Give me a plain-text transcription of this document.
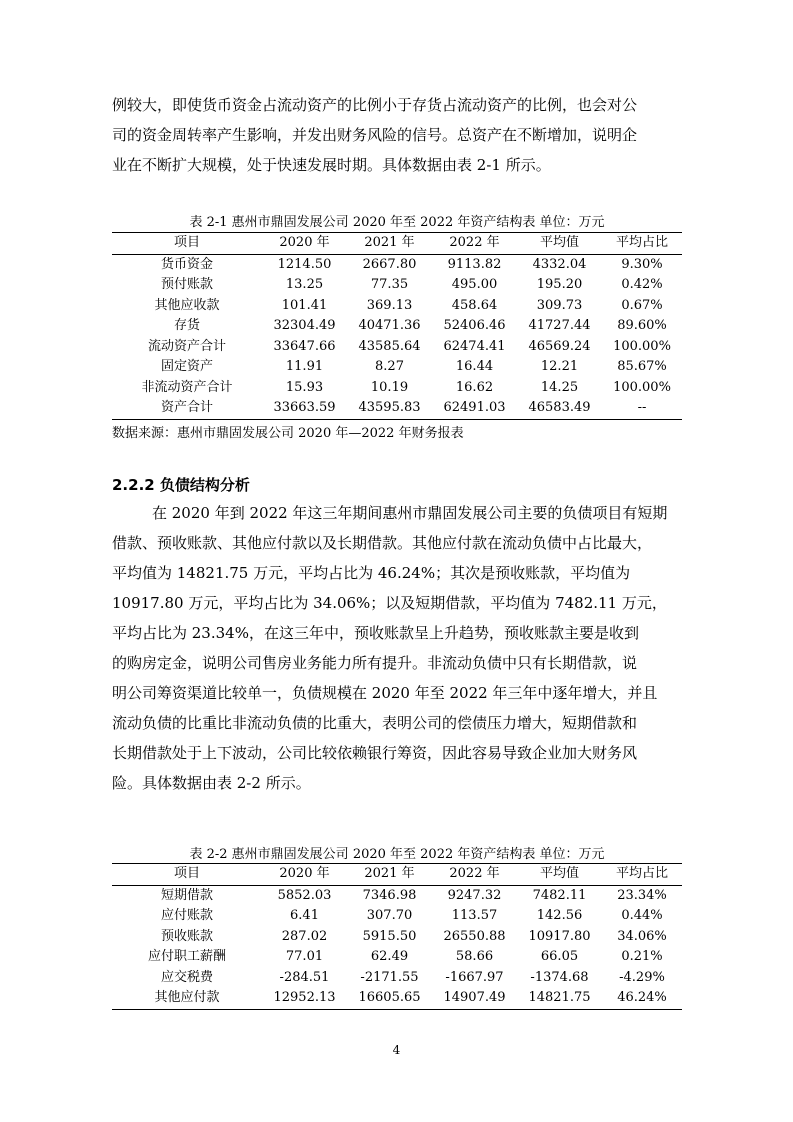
例较大，即使货币资金占流动资产的比例小于存货占流动资产的比例，也会对公
司的资金周转率产生影响，并发出财务风险的信号。总资产在不断增加，说明企
业在不断扩大规模，处于快速发展时期。具体数据由表 2-1 所示。
表 2-1 惠州市鼎固发展公司 2020 年至 2022 年资产结构表 单位：万元
项目	2020 年	2021 年	2022 年	平均值	平均占比
货币资金	1214.50	2667.80	9113.82	4332.04	9.30%
预付账款	13.25	77.35	495.00	195.20	0.42%
其他应收款	101.41	369.13	458.64	309.73	0.67%
存货	32304.49	40471.36	52406.46	41727.44	89.60%
流动资产合计	33647.66	43585.64	62474.41	46569.24	100.00%
固定资产	11.91	8.27	16.44	12.21	85.67%
非流动资产合计	15.93	10.19	16.62	14.25	100.00%
资产合计	33663.59	43595.83	62491.03	46583.49	--
数据来源：惠州市鼎固发展公司 2020 年—2022 年财务报表
2.2.2 负债结构分析
在 2020 年到 2022 年这三年期间惠州市鼎固发展公司主要的负债项目有短期
借款、预收账款、其他应付款以及长期借款。其他应付款在流动负债中占比最大，
平均值为 14821.75 万元，平均占比为 46.24%；其次是预收账款，平均值为
10917.80 万元，平均占比为 34.06%；以及短期借款，平均值为 7482.11 万元，
平均占比为 23.34%，在这三年中，预收账款呈上升趋势，预收账款主要是收到
的购房定金，说明公司售房业务能力所有提升。非流动负债中只有长期借款，说
明公司筹资渠道比较单一，负债规模在 2020 年至 2022 年三年中逐年增大，并且
流动负债的比重比非流动负债的比重大，表明公司的偿债压力增大，短期借款和
长期借款处于上下波动，公司比较依赖银行筹资，因此容易导致企业加大财务风
险。具体数据由表 2-2 所示。
表 2-2 惠州市鼎固发展公司 2020 年至 2022 年资产结构表 单位：万元
项目	2020 年	2021 年	2022 年	平均值	平均占比
短期借款	5852.03	7346.98	9247.32	7482.11	23.34%
应付账款	6.41	307.70	113.57	142.56	0.44%
预收账款	287.02	5915.50	26550.88	10917.80	34.06%
应付职工薪酬	77.01	62.49	58.66	66.05	0.21%
应交税费	-284.51	-2171.55	-1667.97	-1374.68	-4.29%
其他应付款	12952.13	16605.65	14907.49	14821.75	46.24%
4
